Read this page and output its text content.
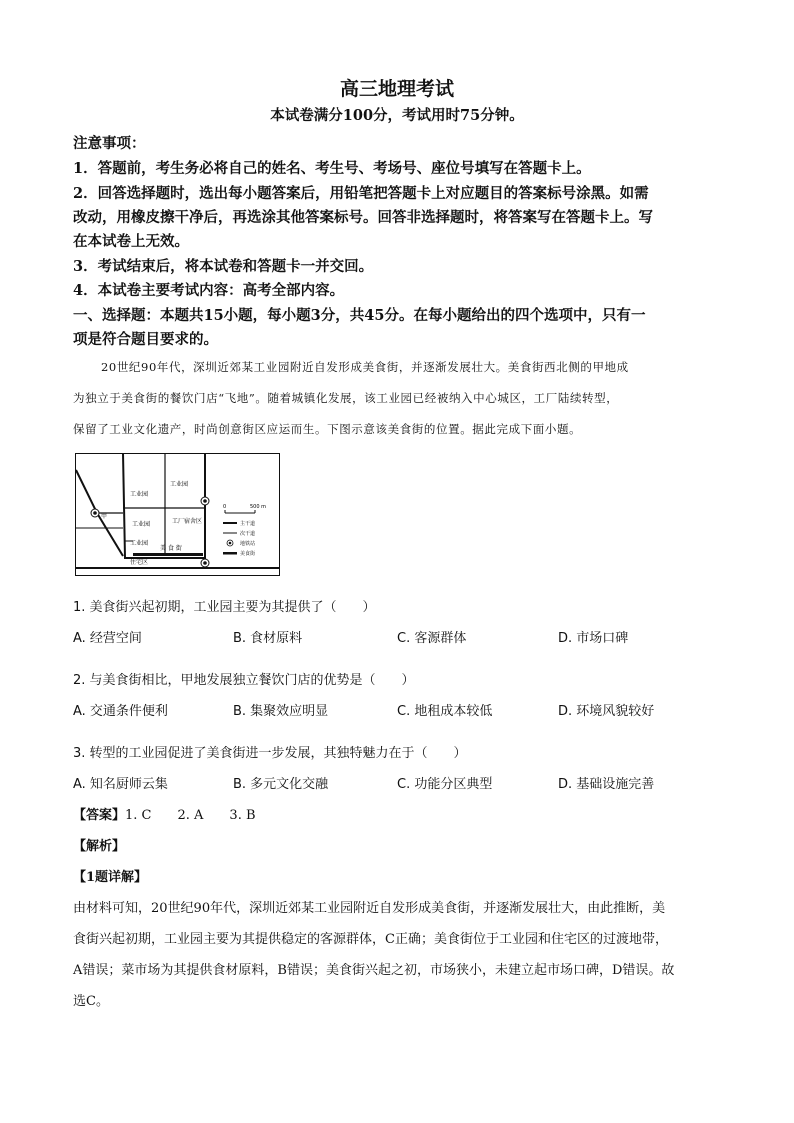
高三地理考试
本试卷满分100分，考试用时75分钟。
注意事项：
1．答题前，考生务必将自己的姓名、考生号、考场号、座位号填写在答题卡上。
2．回答选择题时，选出每小题答案后，用铅笔把答题卡上对应题目的答案标号涂黑。如需
改动，用橡皮擦干净后，再选涂其他答案标号。回答非选择题时，将答案写在答题卡上。写
在本试卷上无效。
3．考试结束后，将本试卷和答题卡一并交回。
4．本试卷主要考试内容：高考全部内容。
一、选择题：本题共15小题，每小题3分，共45分。在每小题给出的四个选项中，只有一
项是符合题目要求的。
20世纪90年代，深圳近郊某工业园附近自发形成美食街，并逐渐发展壮大。美食街西北侧的甲地成
为独立于美食街的餐饮门店“飞地”。随着城镇化发展，该工业园已经被纳入中心城区，工厂陆续转型，
保留了工业文化遗产，时尚创意街区应运而生。下图示意该美食街的位置。据此完成下面小题。
工业园
工业园
工业园
工业园
工厂宿舍区
美 食 街
住宅区
甲
0	500 m
主干道
次干道
地铁站
美食街
1. 美食街兴起初期，工业园主要为其提供了（　　）
A. 经营空间	B. 食材原料	C. 客源群体	D. 市场口碑
2. 与美食街相比，甲地发展独立餐饮门店的优势是（　　）
A. 交通条件便利	B. 集聚效应明显	C. 地租成本较低	D. 环境风貌较好
3. 转型的工业园促进了美食街进一步发展，其独特魅力在于（　　）
A. 知名厨师云集	B. 多元文化交融	C. 功能分区典型	D. 基础设施完善
【答案】1. C　　2. A　　3. B
【解析】
【1题详解】
由材料可知，20世纪90年代，深圳近郊某工业园附近自发形成美食街，并逐渐发展壮大，由此推断，美
食街兴起初期，工业园主要为其提供稳定的客源群体，C正确；美食街位于工业园和住宅区的过渡地带，
A错误；菜市场为其提供食材原料，B错误；美食街兴起之初，市场狭小，未建立起市场口碑，D错误。故
选C。
